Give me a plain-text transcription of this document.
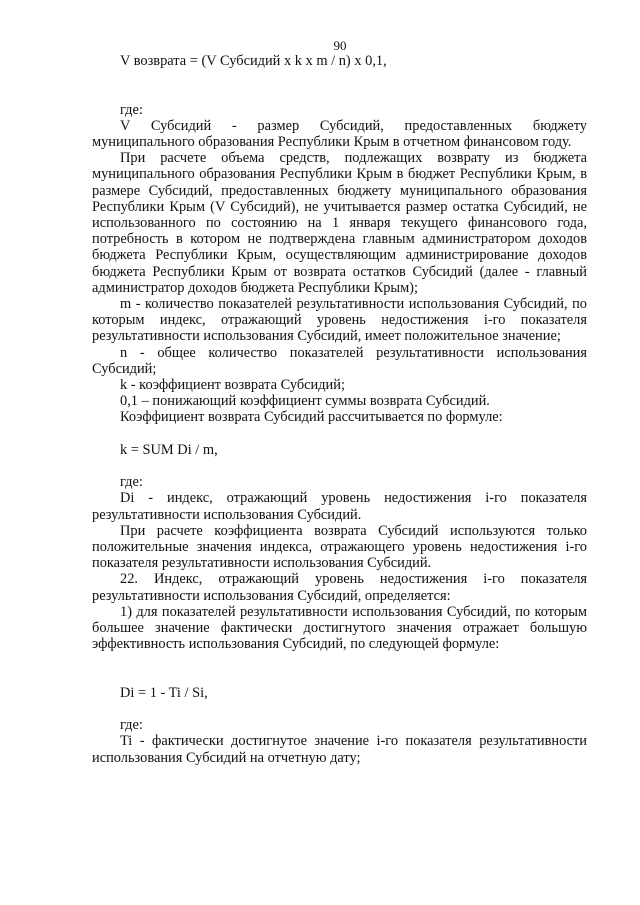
90

V возврата = (V Субсидий x k x m / n) x 0,1,

где:

V Субсидий - размер Субсидий, предоставленных бюджету муниципального образования Республики Крым в отчетном финансовом году.

При расчете объема средств, подлежащих возврату из бюджета муниципального образования Республики Крым в бюджет Республики Крым, в размере Субсидий, предоставленных бюджету муниципального образования Республики Крым (V Субсидий), не учитывается размер остатка Субсидий, не использованного по состоянию на 1 января текущего финансового года, потребность в котором не подтверждена главным администратором доходов бюджета Республики Крым, осуществляющим администрирование доходов бюджета Республики Крым от возврата остатков Субсидий (далее - главный администратор доходов бюджета Республики Крым);

m - количество показателей результативности использования Субсидий, по которым индекс, отражающий уровень недостижения i-го показателя результативности использования Субсидий, имеет положительное значение;

n - общее количество показателей результативности использования Субсидий;

k - коэффициент возврата Субсидий;

0,1 – понижающий коэффициент суммы возврата Субсидий.

Коэффициент возврата Субсидий рассчитывается по формуле:

k = SUM Di / m,

где:

Di - индекс, отражающий уровень недостижения i-го показателя результативности использования Субсидий.

При расчете коэффициента возврата Субсидий используются только положительные значения индекса, отражающего уровень недостижения i-го показателя результативности использования Субсидий.

22. Индекс, отражающий уровень недостижения i-го показателя результативности использования Субсидий, определяется:

1) для показателей результативности использования Субсидий, по которым большее значение фактически достигнутого значения отражает большую эффективность использования Субсидий, по следующей формуле:

Di = 1 - Ti / Si,

где:

Ti - фактически достигнутое значение i-го показателя результативности использования Субсидий на отчетную дату;
